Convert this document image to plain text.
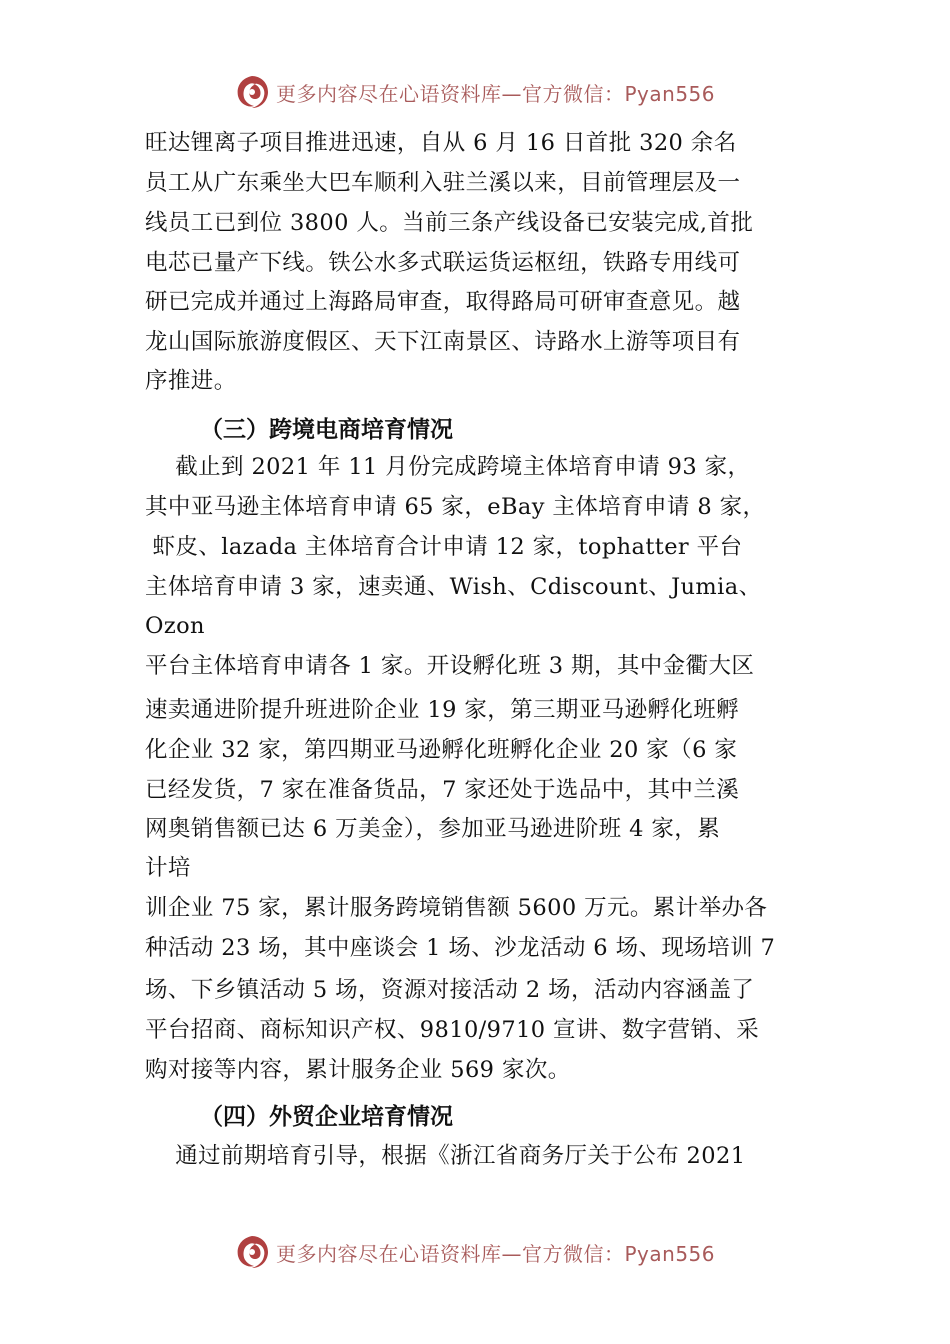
更多内容尽在心语资料库—官方微信：Pyan556
旺达锂离子项目推进迅速，自从 6 月 16 日首批 320 余名
员工从广东乘坐大巴车顺利入驻兰溪以来，目前管理层及一
线员工已到位 3800 人。当前三条产线设备已安装完成,首批
电芯已量产下线。铁公水多式联运货运枢纽，铁路专用线可
研已完成并通过上海路局审查，取得路局可研审查意见。越
龙山国际旅游度假区、天下江南景区、诗路水上游等项目有
序推进。
（三）跨境电商培育情况
截止到 2021 年 11 月份完成跨境主体培育申请 93 家，
其中亚马逊主体培育申请 65 家，eBay 主体培育申请 8 家，
虾皮、lazada 主体培育合计申请 12 家，tophatter 平台
主体培育申请 3 家，速卖通、Wish、Cdiscount、Jumia、
Ozon
平台主体培育申请各 1 家。开设孵化班 3 期，其中金衢大区
速卖通进阶提升班进阶企业 19 家，第三期亚马逊孵化班孵
化企业 32 家，第四期亚马逊孵化班孵化企业 20 家（6 家
已经发货，7 家在准备货品，7 家还处于选品中，其中兰溪
网奥销售额已达 6 万美金），参加亚马逊进阶班 4 家，累
计培
训企业 75 家，累计服务跨境销售额 5600 万元。累计举办各
种活动 23 场，其中座谈会 1 场、沙龙活动 6 场、现场培训 7
场、下乡镇活动 5 场，资源对接活动 2 场，活动内容涵盖了
平台招商、商标知识产权、9810/9710 宣讲、数字营销、采
购对接等内容，累计服务企业 569 家次。
（四）外贸企业培育情况
通过前期培育引导，根据《浙江省商务厅关于公布 2021
更多内容尽在心语资料库—官方微信：Pyan556
